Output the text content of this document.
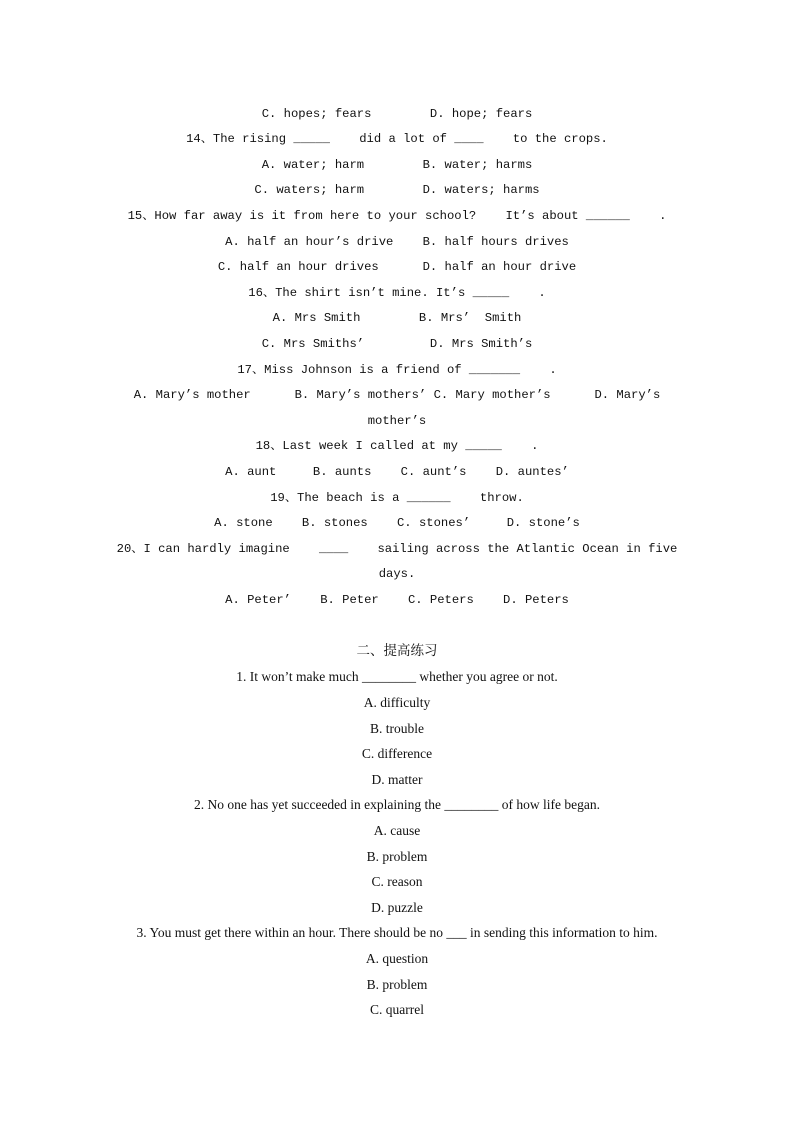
C. hopes; fears        D. hope; fears
14、The rising _____    did a lot of ____    to the crops.
A. water; harm        B. water; harms
C. waters; harm        D. waters; harms
15、How far away is it from here to your school?    It’s about ______    .
A. half an hour’s drive    B. half hours drives
C. half an hour drives      D. half an hour drive
16、The shirt isn’t mine. It’s _____    .
A. Mrs Smith        B. Mrs’  Smith
C. Mrs Smiths’         D. Mrs Smith’s
17、Miss Johnson is a friend of _______    .
A. Mary’s mother      B. Mary’s mothers’ C. Mary mother’s      D. Mary’s
mother’s
18、Last week I called at my _____    .
A. aunt     B. aunts    C. aunt’s    D. auntes’
19、The beach is a ______    throw.
A. stone    B. stones    C. stones’     D. stone’s
20、I can hardly imagine    ____    sailing across the Atlantic Ocean in five
days.
A. Peter’    B. Peter    C. Peters    D. Peters
二、提高练习
1. It won’t make much ________ whether you agree or not.
A. difficulty
B. trouble
C. difference
D. matter
2. No one has yet succeeded in explaining the ________ of how life began.
A. cause
B. problem
C. reason
D. puzzle
3. You must get there within an hour. There should be no ___ in sending this information to him.
A. question
B. problem
C. quarrel
